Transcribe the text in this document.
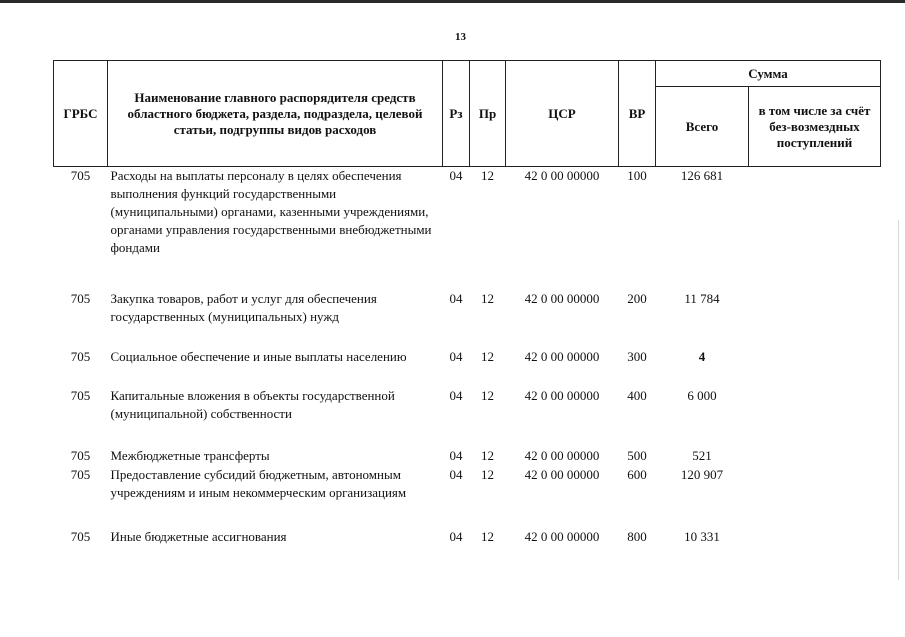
13
ГРБС	Наименование главного распорядителя средств областного бюджета, раздела, подраздела, целевой статьи, подгруппы видов расходов	Рз	Пр	ЦСР	ВР	Сумма	
						Всего	в том числе за счёт без-возмездных поступлений
705	Расходы на выплаты персоналу в целях обеспечения выполнения функций государственными (муниципальными) органами, казенными учреждениями, органами управления государственными внебюджетными фондами	04	12	42 0 00 00000	100	126 681	
705	Закупка товаров, работ и услуг для обеспечения государственных (муниципальных) нужд	04	12	42 0 00 00000	200	11 784	
705	Социальное обеспечение и иные выплаты населению	04	12	42 0 00 00000	300	4	
705	Капитальные вложения в объекты государственной (муниципальной) собственности	04	12	42 0 00 00000	400	6 000	
705	Межбюджетные трансферты	04	12	42 0 00 00000	500	521	
705	Предоставление субсидий бюджетным, автономным учреждениям и иным некоммерческим организациям	04	12	42 0 00 00000	600	120 907	
705	Иные бюджетные ассигнования	04	12	42 0 00 00000	800	10 331	
